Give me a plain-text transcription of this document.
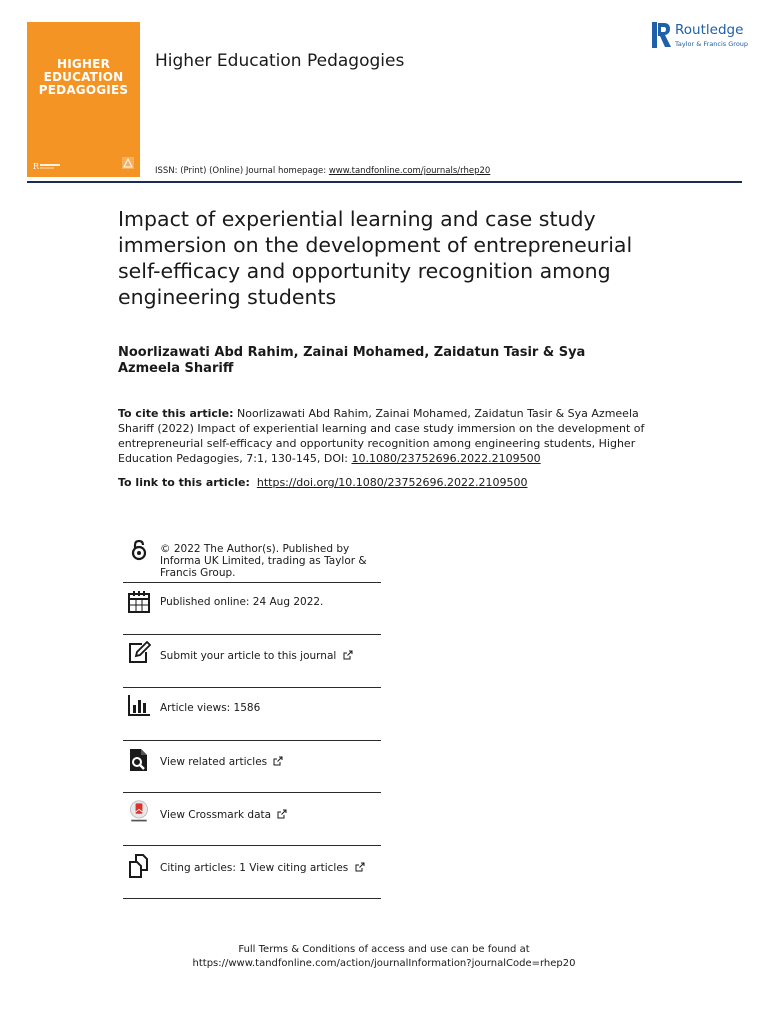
HIGHER
EDUCATION
PEDAGOGIES
R
Higher Education Pedagogies
Routledge
Taylor & Francis Group
ISSN: (Print) (Online) Journal homepage: www.tandfonline.com/journals/rhep20
Impact of experiential learning and case study immersion on the development of entrepreneurial self-efficacy and opportunity recognition among engineering students
Noorlizawati Abd Rahim, Zainai Mohamed, Zaidatun Tasir & Sya Azmeela Shariff
To cite this article: Noorlizawati Abd Rahim, Zainai Mohamed, Zaidatun Tasir & Sya Azmeela Shariff (2022) Impact of experiential learning and case study immersion on the development of entrepreneurial self-efficacy and opportunity recognition among engineering students, Higher Education Pedagogies, 7:1, 130-145, DOI: 10.1080/23752696.2022.2109500
To link to this article: https://doi.org/10.1080/23752696.2022.2109500
© 2022 The Author(s). Published by Informa UK Limited, trading as Taylor & Francis Group.
Published online: 24 Aug 2022.
Submit your article to this journal
Article views: 1586
View related articles
View Crossmark data
Citing articles: 1 View citing articles
Full Terms & Conditions of access and use can be found at
https://www.tandfonline.com/action/journalInformation?journalCode=rhep20
